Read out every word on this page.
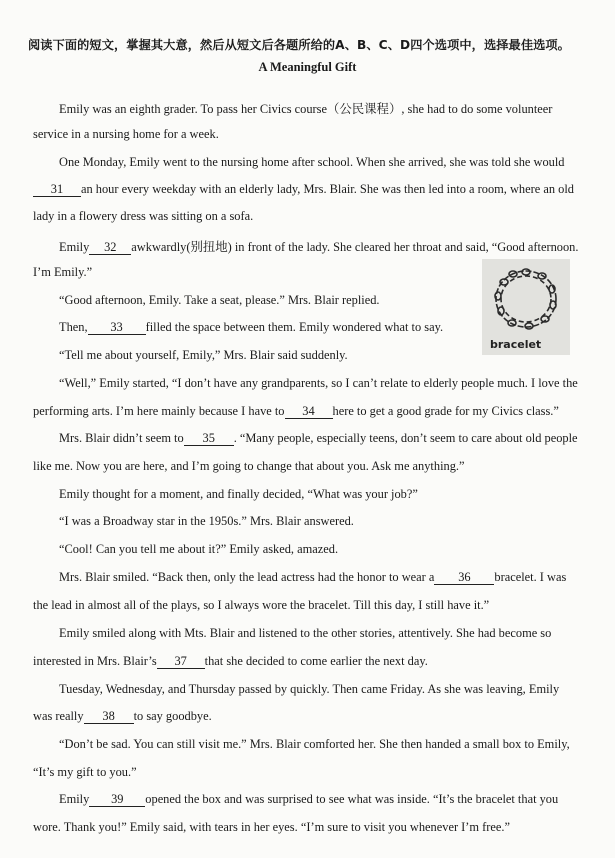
阅读下面的短文，掌握其大意，然后从短文后各题所给的A、B、C、D四个选项中，选择最佳选项。
A Meaningful Gift
Emily was an eighth grader. To pass her Civics course（公民课程）, she had to do some volunteer
service in a nursing home for a week.
One Monday, Emily went to the nursing home after school. When she arrived, she was told she would
31 an hour every weekday with an elderly lady, Mrs. Blair. She was then led into a room, where an old
lady in a flowery dress was sitting on a sofa.
Emily 32 awkwardly(别扭地) in front of the lady. She cleared her throat and said, “Good afternoon.
I’m Emily.”
“Good afternoon, Emily. Take a seat, please.” Mrs. Blair replied.
Then, 33 filled the space between them. Emily wondered what to say.
“Tell me about yourself, Emily,” Mrs. Blair said suddenly.
“Well,” Emily started, “I don’t have any grandparents, so I can’t relate to elderly people much. I love the
performing arts. I’m here mainly because I have to 34 here to get a good grade for my Civics class.”
Mrs. Blair didn’t seem to 35 . “Many people, especially teens, don’t seem to care about old people
like me. Now you are here, and I’m going to change that about you. Ask me anything.”
Emily thought for a moment, and finally decided, “What was your job?”
“I was a Broadway star in the 1950s.” Mrs. Blair answered.
“Cool! Can you tell me about it?” Emily asked, amazed.
Mrs. Blair smiled. “Back then, only the lead actress had the honor to wear a 36 bracelet. I was
the lead in almost all of the plays, so I always wore the bracelet. Till this day, I still have it.”
Emily smiled along with Mts. Blair and listened to the other stories, attentively. She had become so
interested in Mrs. Blair’s 37 that she decided to come earlier the next day.
Tuesday, Wednesday, and Thursday passed by quickly. Then came Friday. As she was leaving, Emily
was really 38 to say goodbye.
“Don’t be sad. You can still visit me.” Mrs. Blair comforted her. She then handed a small box to Emily,
“It’s my gift to you.”
Emily 39 opened the box and was surprised to see what was inside. “It’s the bracelet that you
wore. Thank you!” Emily said, with tears in her eyes. “I’m sure to visit you whenever I’m free.”
bracelet
